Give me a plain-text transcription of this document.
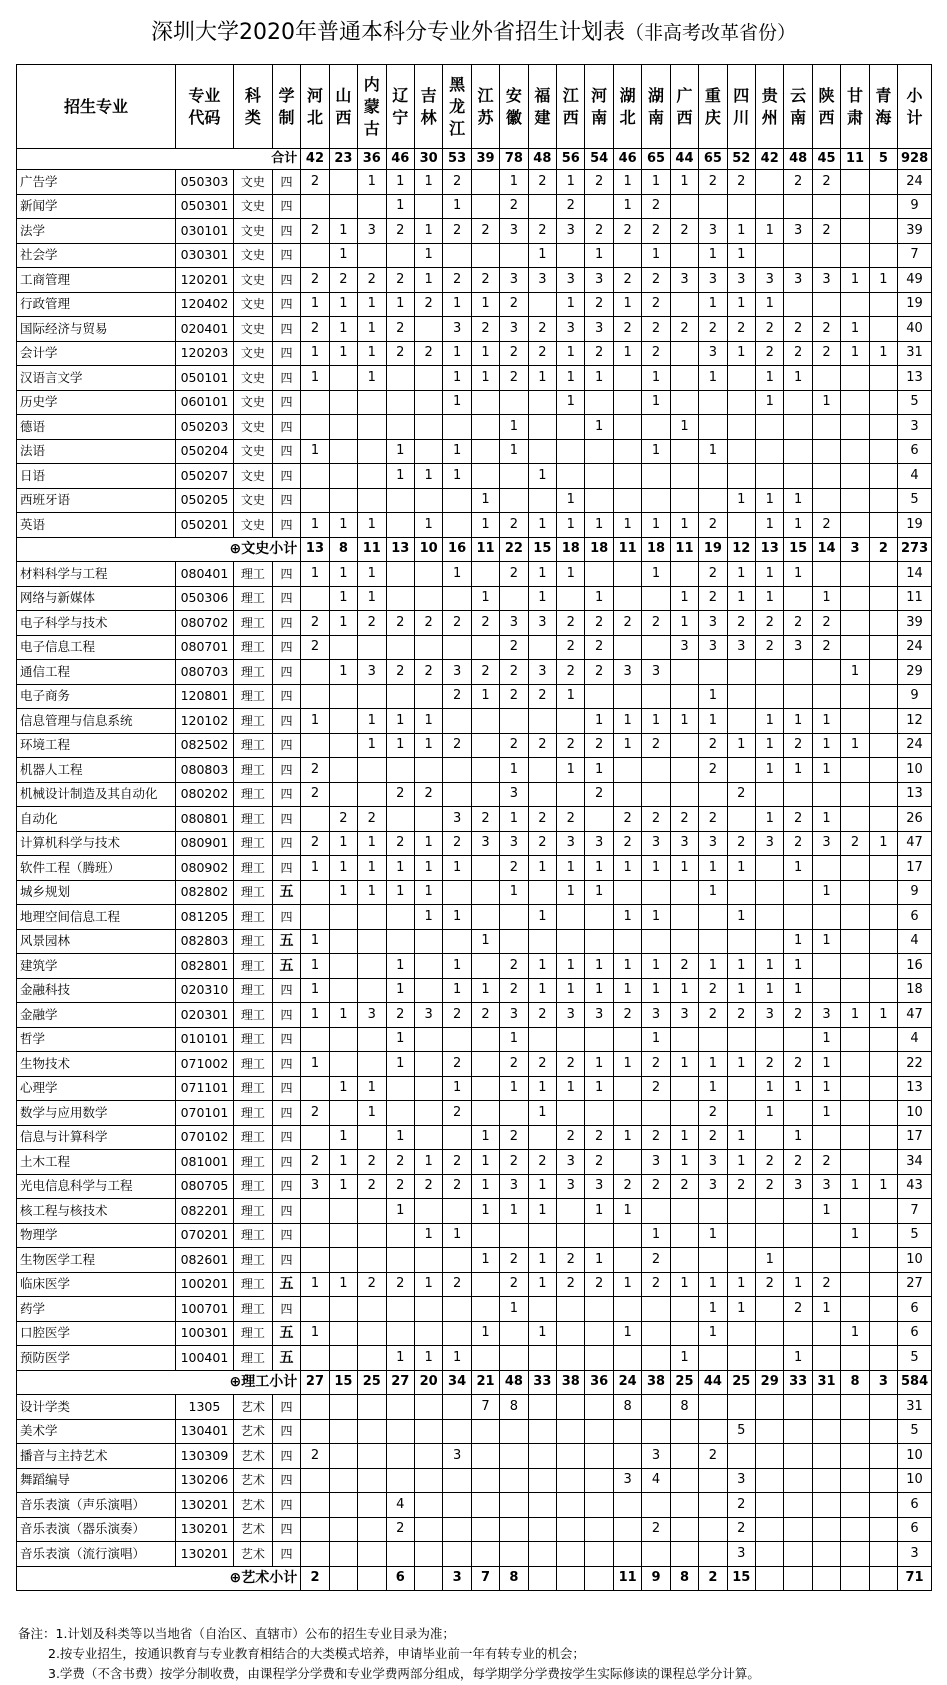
深圳大学2020年普通本科分专业外省招生计划表（非高考改革省份）
招生专业	专业代码	科类	学制	河北	山西	内蒙古	辽宁	吉林	黑龙江	江苏	安徽	福建	江西	河南	湖北	湖南	广西	重庆	四川	贵州	云南	陕西	甘肃	青海	小计
合计				42	23	36	46	30	53	39	78	48	56	54	46	65	44	65	52	42	48	45	11	5	928
广告学	050303	文史	四	2		1	1	1	2		1	2	1	2	1	1	1	2	2		2	2			24
新闻学	050301	文史	四				1		1		2		2		1	2									9
法学	030101	文史	四	2	1	3	2	1	2	2	3	2	3	2	2	2	2	3	1	1	3	2			39
社会学	030301	文史	四		1			1				1		1		1		1	1						7
工商管理	120201	文史	四	2	2	2	2	1	2	2	3	3	3	3	2	2	3	3	3	3	3	3	1	1	49
行政管理	120402	文史	四	1	1	1	1	2	1	1	2		1	2	1	2		1	1	1					19
国际经济与贸易	020401	文史	四	2	1	1	2		3	2	3	2	3	3	2	2	2	2	2	2	2	2	1		40
会计学	120203	文史	四	1	1	1	2	2	1	1	2	2	1	2	1	2		3	1	2	2	2	1	1	31
汉语言文学	050101	文史	四	1		1			1	1	2	1	1	1		1		1		1	1				13
历史学	060101	文史	四						1				1			1				1		1			5
德语	050203	文史	四								1			1			1								3
法语	050204	文史	四	1			1		1		1					1		1							6
日语	050207	文史	四				1	1	1			1													4
西班牙语	050205	文史	四							1			1						1	1	1				5
英语	050201	文史	四	1	1	1		1		1	2	1	1	1	1	1	1	2		1	1	2			19
⊕文史小计				13	8	11	13	10	16	11	22	15	18	18	11	18	11	19	12	13	15	14	3	2	273
材料科学与工程	080401	理工	四	1	1	1			1		2	1	1			1		2	1	1	1				14
网络与新媒体	050306	理工	四		1	1				1		1		1			1	2	1	1		1			11
电子科学与技术	080702	理工	四	2	1	2	2	2	2	2	3	3	2	2	2	2	1	3	2	2	2	2			39
电子信息工程	080701	理工	四	2							2		2	2			3	3	3	2	3	2			24
通信工程	080703	理工	四		1	3	2	2	3	2	2	3	2	2	3	3							1		29
电子商务	120801	理工	四						2	1	2	2	1					1							9
信息管理与信息系统	120102	理工	四	1		1	1	1						1	1	1	1	1		1	1	1			12
环境工程	082502	理工	四			1	1	1	2		2	2	2	2	1	2		2	1	1	2	1	1		24
机器人工程	080803	理工	四	2							1		1	1				2		1	1	1			10
机械设计制造及其自动化	080202	理工	四	2			2	2			3			2					2						13
自动化	080801	理工	四		2	2			3	2	1	2	2		2	2	2	2		1	2	1			26
计算机科学与技术	080901	理工	四	2	1	1	2	1	2	3	3	2	3	3	2	3	3	3	2	3	2	3	2	1	47
软件工程（腾班）	080902	理工	四	1	1	1	1	1	1		2	1	1	1	1	1	1	1	1		1				17
城乡规划	082802	理工	五		1	1	1	1			1		1	1				1				1			9
地理空间信息工程	081205	理工	四					1	1			1			1	1			1						6
风景园林	082803	理工	五	1						1											1	1			4
建筑学	082801	理工	五	1			1		1		2	1	1	1	1	1	2	1	1	1	1				16
金融科技	020310	理工	四	1			1		1	1	2	1	1	1	1	1	1	2	1	1	1				18
金融学	020301	理工	四	1	1	3	2	3	2	2	3	2	3	3	2	3	3	2	2	3	2	3	1	1	47
哲学	010101	理工	四				1				1					1						1			4
生物技术	071002	理工	四	1			1		2		2	2	2	1	1	2	1	1	1	2	2	1			22
心理学	071101	理工	四		1	1			1		1	1	1	1		2		1		1	1	1			13
数学与应用数学	070101	理工	四	2		1			2			1						2		1		1			10
信息与计算科学	070102	理工	四		1		1			1	2		2	2	1	2	1	2	1		1				17
土木工程	081001	理工	四	2	1	2	2	1	2	1	2	2	3	2		3	1	3	1	2	2	2			34
光电信息科学与工程	080705	理工	四	3	1	2	2	2	2	1	3	1	3	3	2	2	2	3	2	2	3	3	1	1	43
核工程与核技术	082201	理工	四				1			1	1	1		1	1							1			7
物理学	070201	理工	四					1	1							1		1					1		5
生物医学工程	082601	理工	四							1	2	1	2	1		2				1					10
临床医学	100201	理工	五	1	1	2	2	1	2		2	1	2	2	1	2	1	1	1	2	1	2			27
药学	100701	理工	四								1							1	1		2	1			6
口腔医学	100301	理工	五	1						1		1			1			1					1		6
预防医学	100401	理工	五				1	1	1								1				1				5
⊕理工小计				27	15	25	27	20	34	21	48	33	38	36	24	38	25	44	25	29	33	31	8	3	584
设计学类	1305	艺术	四							7	8				8		8								31
美术学	130401	艺术	四																5						5
播音与主持艺术	130309	艺术	四	2					3							3		2							10
舞蹈编导	130206	艺术	四												3	4			3						10
音乐表演（声乐演唱）	130201	艺术	四				4												2						6
音乐表演（器乐演奏）	130201	艺术	四				2									2			2						6
音乐表演（流行演唱）	130201	艺术	四																3						3
⊕艺术小计				2			6		3	7	8				11	9	8	2	15						71
备注：1.计划及科类等以当地省（自治区、直辖市）公布的招生专业目录为准；
2.按专业招生，按通识教育与专业教育相结合的大类模式培养，申请毕业前一年有转专业的机会；
3.学费（不含书费）按学分制收费，由课程学分学费和专业学费两部分组成，每学期学分学费按学生实际修读的课程总学分计算。
